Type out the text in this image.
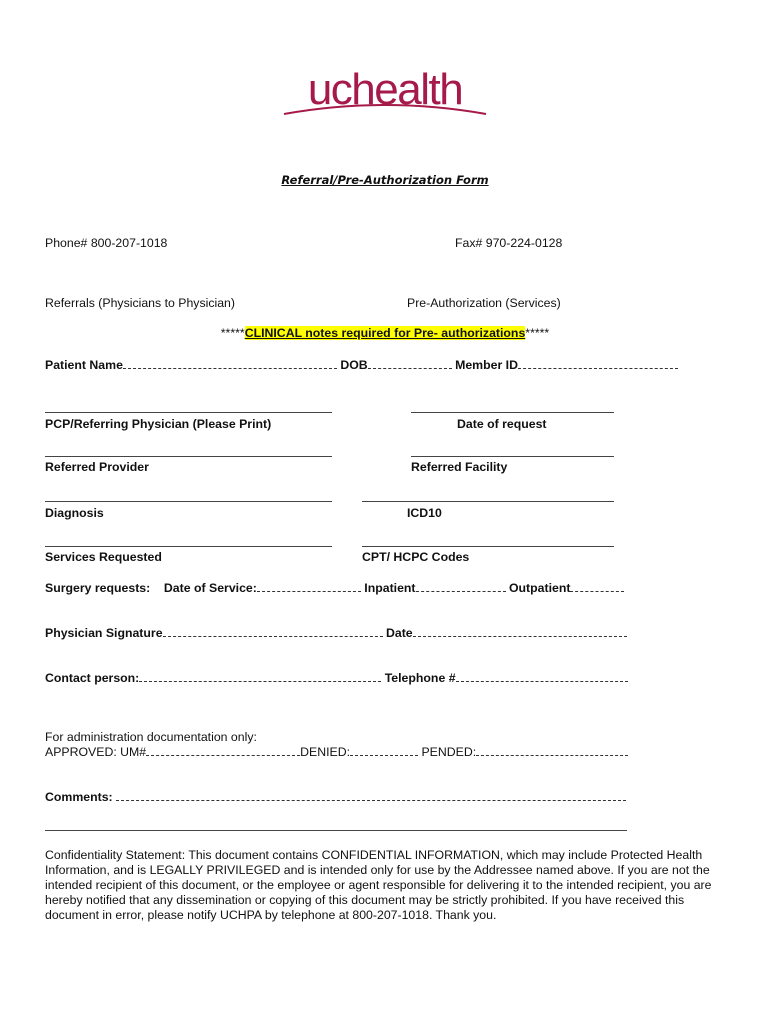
uchealth
Referral/Pre-Authorization Form
Phone# 800-207-1018	Fax# 970-224-0128
Referrals (Physicians to Physician)	Pre-Authorization (Services)
*****CLINICAL notes required for Pre- authorizations*****
Patient Name	DOB	Member ID
PCP/Referring Physician (Please Print)	Date of request
Referred Provider	Referred Facility
Diagnosis	ICD10
Services Requested	CPT/ HCPC Codes
Surgery requests: Date of Service:	Inpatient	Outpatient
Physician Signature	Date
Contact person:	Telephone #
For administration documentation only:
APPROVED: UM#	DENIED:	PENDED:
Comments:
Confidentiality Statement: This document contains CONFIDENTIAL INFORMATION, which may include Protected Health Information, and is LEGALLY PRIVILEGED and is intended only for use by the Addressee named above. If you are not the intended recipient of this document, or the employee or agent responsible for delivering it to the intended recipient, you are hereby notified that any dissemination or copying of this document may be strictly prohibited. If you have received this document in error, please notify UCHPA by telephone at 800-207-1018. Thank you.
